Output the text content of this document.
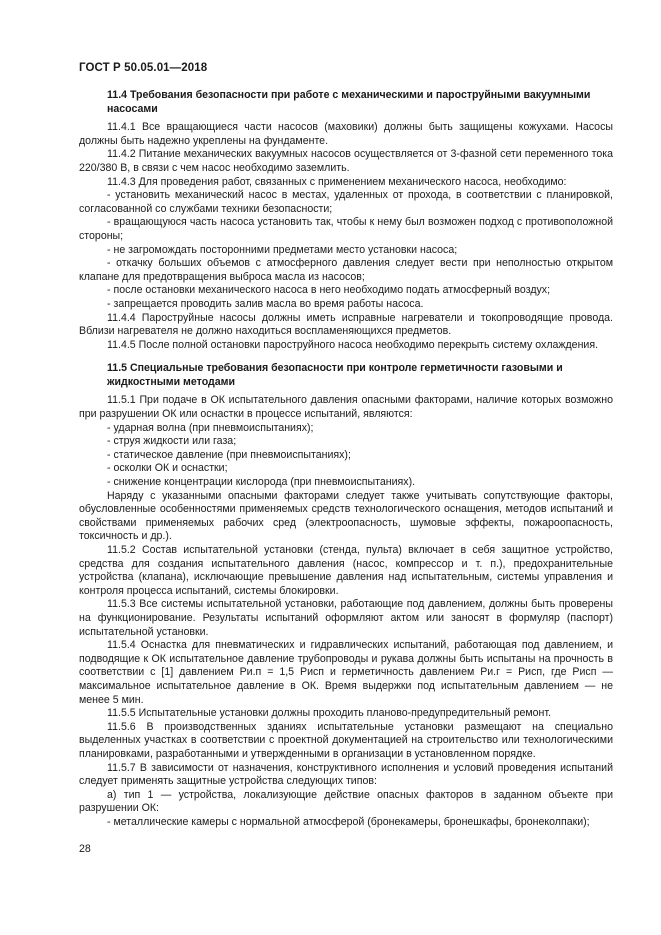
ГОСТ Р 50.05.01—2018
11.4 Требования безопасности при работе с механическими и пароструйными вакуумными насосами

11.4.1 Все вращающиеся части насосов (маховики) должны быть защищены кожухами. Насосы должны быть надежно укреплены на фундаменте.

11.4.2 Питание механических вакуумных насосов осуществляется от 3-фазной сети переменного тока 220/380 В, в связи с чем насос необходимо заземлить.

11.4.3 Для проведения работ, связанных с применением механического насоса, необходимо:

- установить механический насос в местах, удаленных от прохода, в соответствии с планировкой, согласованной со службами техники безопасности;

- вращающуюся часть насоса установить так, чтобы к нему был возможен подход с противоположной стороны;

- не загромождать посторонними предметами место установки насоса;

- откачку больших объемов с атмосферного давления следует вести при неполностью открытом клапане для предотвращения выброса масла из насосов;

- после остановки механического насоса в него необходимо подать атмосферный воздух;

- запрещается проводить залив масла во время работы насоса.

11.4.4 Пароструйные насосы должны иметь исправные нагреватели и токопроводящие провода. Вблизи нагревателя не должно находиться воспламеняющихся предметов.

11.4.5 После полной остановки пароструйного насоса необходимо перекрыть систему охлаждения.

11.5 Специальные требования безопасности при контроле герметичности газовыми и жидкостными методами

11.5.1 При подаче в ОК испытательного давления опасными факторами, наличие которых возможно при разрушении ОК или оснастки в процессе испытаний, являются:

- ударная волна (при пневмоиспытаниях);

- струя жидкости или газа;

- статическое давление (при пневмоиспытаниях);

- осколки ОК и оснастки;

- снижение концентрации кислорода (при пневмоиспытаниях).

Наряду с указанными опасными факторами следует также учитывать сопутствующие факторы, обусловленные особенностями применяемых средств технологического оснащения, методов испытаний и свойствами применяемых рабочих сред (электроопасность, шумовые эффекты, пожароопасность, токсичность и др.).

11.5.2 Состав испытательной установки (стенда, пульта) включает в себя защитное устройство, средства для создания испытательного давления (насос, компрессор и т. п.), предохранительные устройства (клапана), исключающие превышение давления над испытательным, системы управления и контроля процесса испытаний, системы блокировки.

11.5.3 Все системы испытательной установки, работающие под давлением, должны быть проверены на функционирование. Результаты испытаний оформляют актом или заносят в формуляр (паспорт) испытательной установки.

11.5.4 Оснастка для пневматических и гидравлических испытаний, работающая под давлением, и подводящие к ОК испытательное давление трубопроводы и рукава должны быть испытаны на прочность в соответствии с [1] давлением Pи.п = 1,5 Pисп и герметичность давлением Pи.г = Pисп, где Pисп — максимальное испытательное давление в ОК. Время выдержки под испытательным давлением — не менее 5 мин.

11.5.5 Испытательные установки должны проходить планово-предупредительный ремонт.

11.5.6 В производственных зданиях испытательные установки размещают на специально выделенных участках в соответствии с проектной документацией на строительство или технологическими планировками, разработанными и утвержденными в организации в установленном порядке.

11.5.7 В зависимости от назначения, конструктивного исполнения и условий проведения испытаний следует применять защитные устройства следующих типов:

а) тип 1 — устройства, локализующие действие опасных факторов в заданном объекте при разрушении ОК:

- металлические камеры с нормальной атмосферой (бронекамеры, бронешкафы, бронеколпаки);

28
